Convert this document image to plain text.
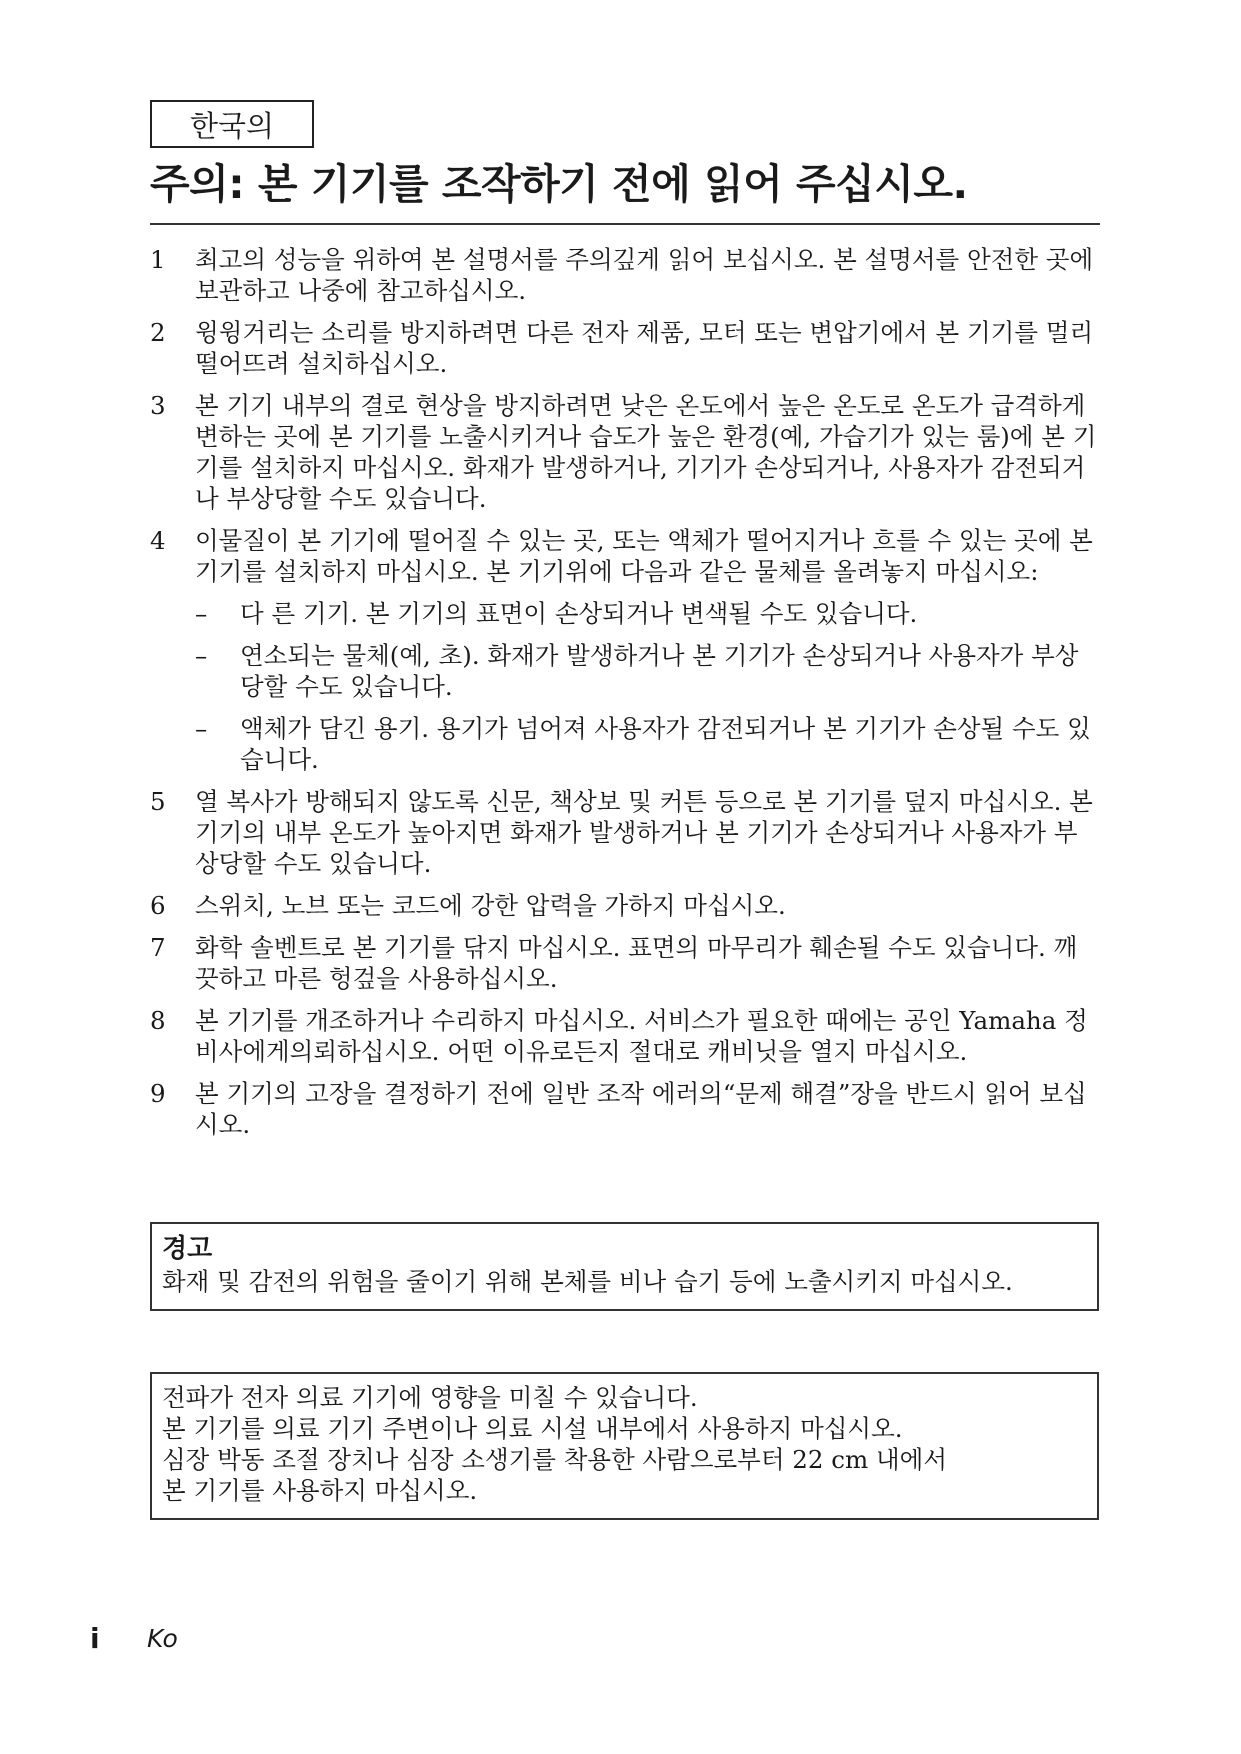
한국의
주의: 본 기기를 조작하기 전에 읽어 주십시오.
1	최고의 성능을 위하여 본 설명서를 주의깊게 읽어 보십시오. 본 설명서를 안전한 곳에 보관하고 나중에 참고하십시오.
2	윙윙거리는 소리를 방지하려면 다른 전자 제품, 모터 또는 변압기에서 본 기기를 멀리 떨어뜨려 설치하십시오.
3	본 기기 내부의 결로 현상을 방지하려면 낮은 온도에서 높은 온도로 온도가 급격하게 변하는 곳에 본 기기를 노출시키거나 습도가 높은 환경(예, 가습기가 있는 룸)에 본 기기를 설치하지 마십시오. 화재가 발생하거나, 기기가 손상되거나, 사용자가 감전되거나 부상당할 수도 있습니다.
4	이물질이 본 기기에 떨어질 수 있는 곳, 또는 액체가 떨어지거나 흐를 수 있는 곳에 본 기기를 설치하지 마십시오. 본 기기위에 다음과 같은 물체를 올려놓지 마십시오:
–	다 른 기기. 본 기기의 표면이 손상되거나 변색될 수도 있습니다.
–	연소되는 물체(예, 초). 화재가 발생하거나 본 기기가 손상되거나 사용자가 부상당할 수도 있습니다.
–	액체가 담긴 용기. 용기가 넘어져 사용자가 감전되거나 본 기기가 손상될 수도 있습니다.
5	열 복사가 방해되지 않도록 신문, 책상보 및 커튼 등으로 본 기기를 덮지 마십시오. 본 기기의 내부 온도가 높아지면 화재가 발생하거나 본 기기가 손상되거나 사용자가 부상당할 수도 있습니다.
6	스위치, 노브 또는 코드에 강한 압력을 가하지 마십시오.
7	화학 솔벤트로 본 기기를 닦지 마십시오. 표면의 마무리가 훼손될 수도 있습니다. 깨끗하고 마른 헝겊을 사용하십시오.
8	본 기기를 개조하거나 수리하지 마십시오. 서비스가 필요한 때에는 공인 Yamaha 정비사에게의뢰하십시오. 어떤 이유로든지 절대로 캐비닛을 열지 마십시오.
9	본 기기의 고장을 결정하기 전에 일반 조작 에러의“문제 해결”장을 반드시 읽어 보십시오.
경고
화재 및 감전의 위험을 줄이기 위해 본체를 비나 습기 등에 노출시키지 마십시오.
전파가 전자 의료 기기에 영향을 미칠 수 있습니다.
본 기기를 의료 기기 주변이나 의료 시설 내부에서 사용하지 마십시오.
심장 박동 조절 장치나 심장 소생기를 착용한 사람으로부터 22 cm 내에서
본 기기를 사용하지 마십시오.
i Ko
